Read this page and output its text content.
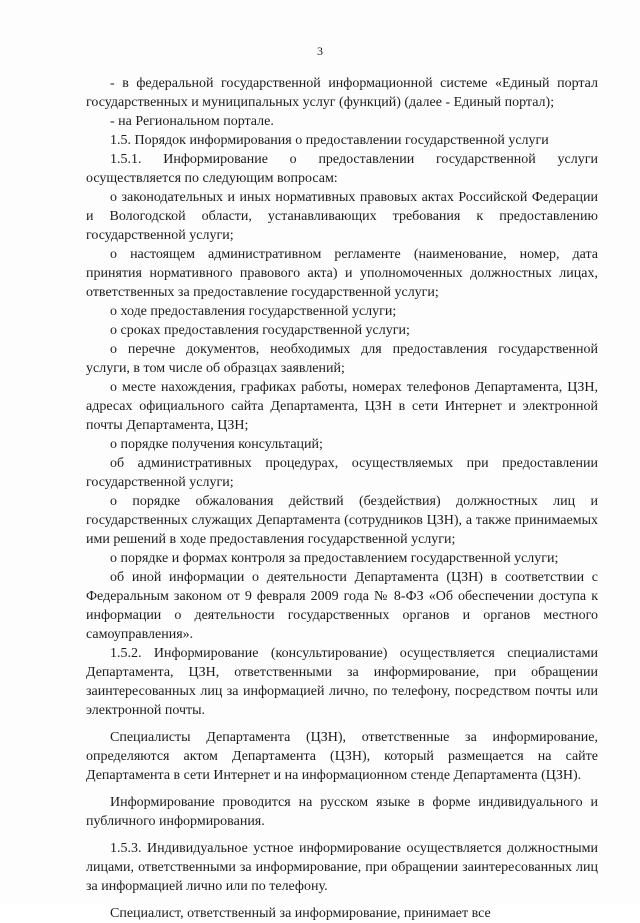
3

- в федеральной государственной информационной системе «Единый портал государственных и муниципальных услуг (функций) (далее - Единый портал);

- на Региональном портале.

1.5. Порядок информирования о предоставлении государственной услуги

1.5.1. Информирование о предоставлении государственной услуги осуществляется по следующим вопросам:

о законодательных и иных нормативных правовых актах Российской Федерации и Вологодской области, устанавливающих требования к предоставлению государственной услуги;

о настоящем административном регламенте (наименование, номер, дата принятия нормативного правового акта) и уполномоченных должностных лицах, ответственных за предоставление государственной услуги;

о ходе предоставления государственной услуги;

о сроках предоставления государственной услуги;

о перечне документов, необходимых для предоставления государственной услуги, в том числе об образцах заявлений;

о месте нахождения, графиках работы, номерах телефонов Департамента, ЦЗН, адресах официального сайта Департамента, ЦЗН в сети Интернет и электронной почты Департамента, ЦЗН;

о порядке получения консультаций;

об административных процедурах, осуществляемых при предоставлении государственной услуги;

о порядке обжалования действий (бездействия) должностных лиц и государственных служащих Департамента (сотрудников ЦЗН), а также принимаемых ими решений в ходе предоставления государственной услуги;

о порядке и формах контроля за предоставлением государственной услуги;

об иной информации о деятельности Департамента (ЦЗН) в соответствии с Федеральным законом от 9 февраля 2009 года № 8-ФЗ «Об обеспечении доступа к информации о деятельности государственных органов и органов местного самоуправления».

1.5.2. Информирование (консультирование) осуществляется специалистами Департамента, ЦЗН, ответственными за информирование, при обращении заинтересованных лиц за информацией лично, по телефону, посредством почты или электронной почты.

Специалисты Департамента (ЦЗН), ответственные за информирование, определяются актом Департамента (ЦЗН), который размещается на сайте Департамента в сети Интернет и на информационном стенде Департамента (ЦЗН).

Информирование проводится на русском языке в форме индивидуального и публичного информирования.

1.5.3. Индивидуальное устное информирование осуществляется должностными лицами, ответственными за информирование, при обращении заинтересованных лиц за информацией лично или по телефону.

Специалист, ответственный за информирование, принимает все
